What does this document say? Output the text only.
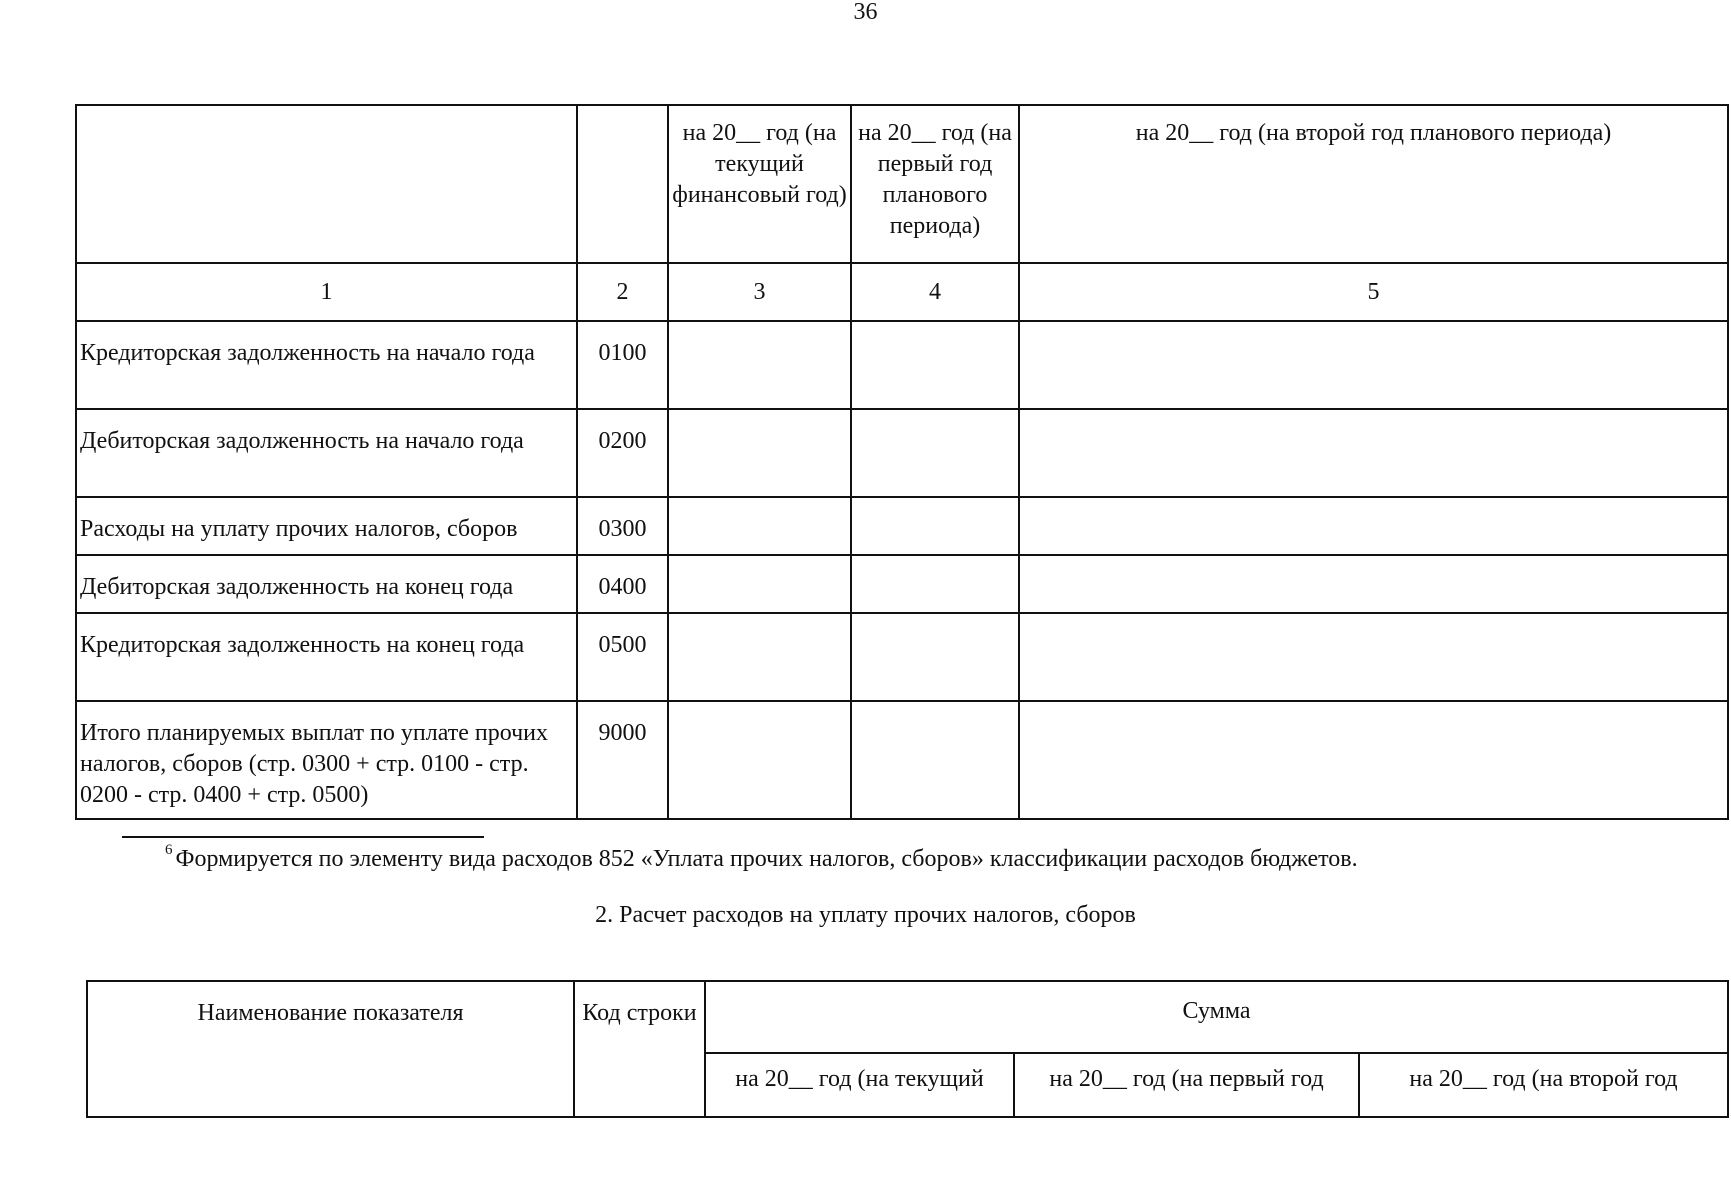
36
		на 20__ год (на текущий финансовый год)	на 20__ год (на первый год планового периода)	на 20__ год (на второй год планового периода)
1	2	3	4	5
Кредиторская задолженность на начало года	0100			
Дебиторская задолженность на начало года	0200			
Расходы на уплату прочих налогов, сборов	0300			
Дебиторская задолженность на конец года	0400			
Кредиторская задолженность на конец года	0500			
Итого планируемых выплат по уплате прочих налогов, сборов (стр. 0300 + стр. 0100 - стр. 0200 - стр. 0400 + стр. 0500)	9000			
$^6$ Формируется по элементу вида расходов 852 «Уплата прочих налогов, сборов» классификации расходов бюджетов.
2. Расчет расходов на уплату прочих налогов, сборов
Наименование показателя	Код строки	Сумма		
		на 20__ год (на текущий	на 20__ год (на первый год	на 20__ год (на второй год
